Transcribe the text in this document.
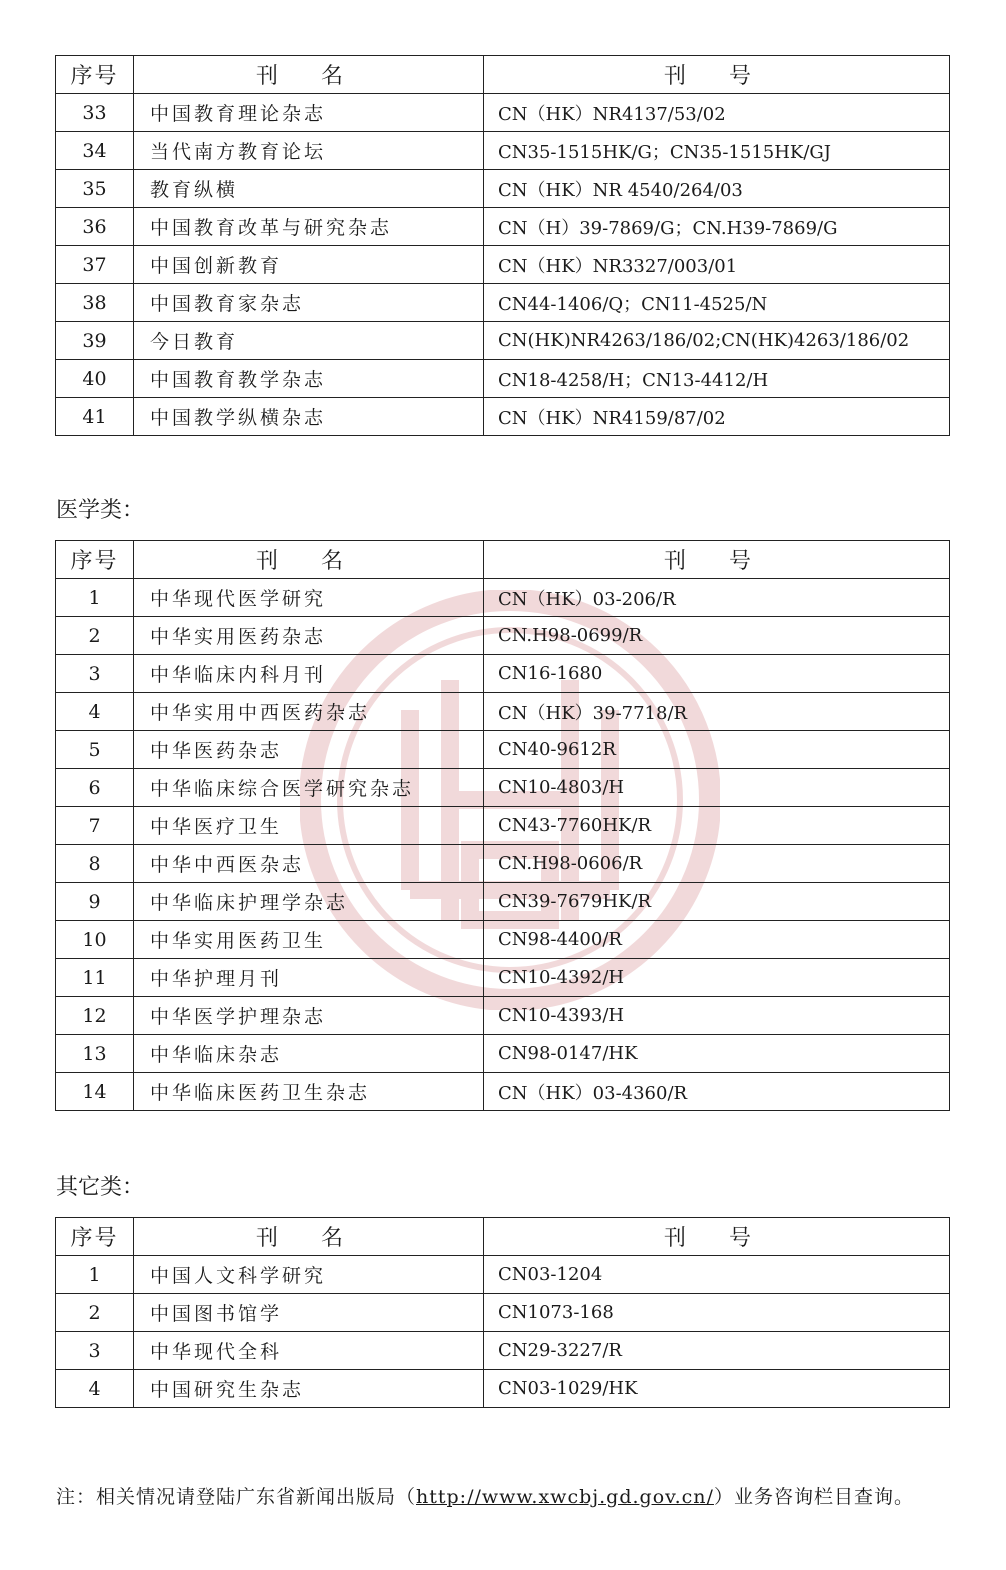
序号	刊 名	刊 号
33	中国教育理论杂志	CN（HK）NR4137/53/02
34	当代南方教育论坛	CN35-1515HK/G；CN35-1515HK/GJ
35	教育纵横	CN（HK）NR 4540/264/03
36	中国教育改革与研究杂志	CN（H）39-7869/G；CN.H39-7869/G
37	中国创新教育	CN（HK）NR3327/003/01
38	中国教育家杂志	CN44-1406/Q；CN11-4525/N
39	今日教育	CN(HK)NR4263/186/02;CN(HK)4263/186/02
40	中国教育教学杂志	CN18-4258/H；CN13-4412/H
41	中国教学纵横杂志	CN（HK）NR4159/87/02
医学类：
序号	刊 名	刊 号
1	中华现代医学研究	CN（HK）03-206/R
2	中华实用医药杂志	CN.H98-0699/R
3	中华临床内科月刊	CN16-1680
4	中华实用中西医药杂志	CN（HK）39-7718/R
5	中华医药杂志	CN40-9612R
6	中华临床综合医学研究杂志	CN10-4803/H
7	中华医疗卫生	CN43-7760HK/R
8	中华中西医杂志	CN.H98-0606/R
9	中华临床护理学杂志	CN39-7679HK/R
10	中华实用医药卫生	CN98-4400/R
11	中华护理月刊	CN10-4392/H
12	中华医学护理杂志	CN10-4393/H
13	中华临床杂志	CN98-0147/HK
14	中华临床医药卫生杂志	CN（HK）03-4360/R
其它类：
序号	刊 名	刊 号
1	中国人文科学研究	CN03-1204
2	中国图书馆学	CN1073-168
3	中华现代全科	CN29-3227/R
4	中国研究生杂志	CN03-1029/HK
注：相关情况请登陆广东省新闻出版局（http://www.xwcbj.gd.gov.cn/）业务咨询栏目查询。
